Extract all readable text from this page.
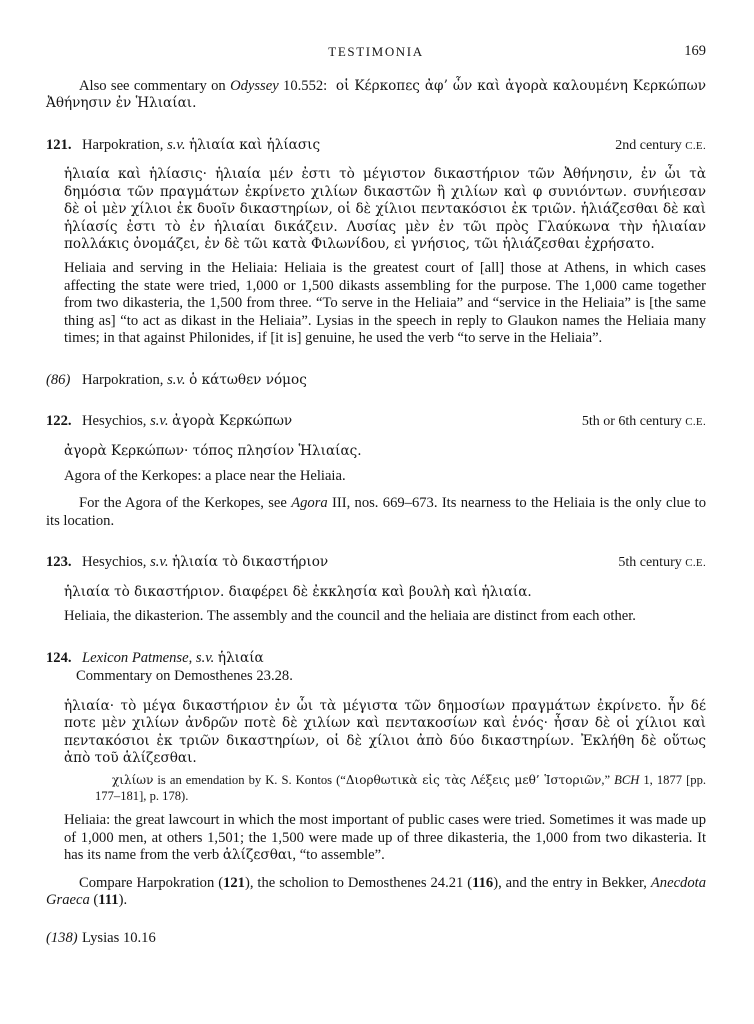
TESTIMONIA	169

Also see commentary on Odyssey 10.552:  οἱ Κέρκοπες ἀφ’ ὧν καὶ ἀγορὰ καλουμένη Κερκώπων Ἀθήνησιν ἐν Ἡλιαίαι.

121. Harpokration, s.v. ἡλιαία καὶ ἡλίασις	2nd century C.E.

ἡλιαία καὶ ἡλίασις· ἡλιαία μέν ἐστι τὸ μέγιστον δικαστήριον τῶν Ἀθήνησιν, ἐν ὧι τὰ δημόσια τῶν πραγμάτων ἐκρίνετο χιλίων δικαστῶν ἢ χιλίων καὶ φ συνιόντων. συνήιεσαν δὲ οἱ μὲν χίλιοι ἐκ δυοῖν δικαστηρίων, οἱ δὲ χίλιοι πεντακόσιοι ἐκ τριῶν. ἡλιάζεσθαι δὲ καὶ ἡλίασίς ἐστι τὸ ἐν ἡλιαίαι δικάζειν. Λυσίας μὲν ἐν τῶι πρὸς Γλαύκωνα τὴν ἡλιαίαν πολλάκις ὀνομάζει, ἐν δὲ τῶι κατὰ Φιλωνίδου, εἰ γνήσιος, τῶι ἡλιάζεσθαι ἐχρήσατο.

Heliaia and serving in the Heliaia: Heliaia is the greatest court of [all] those at Athens, in which cases affecting the state were tried, 1,000 or 1,500 dikasts assembling for the purpose. The 1,000 came together from two dikasteria, the 1,500 from three. “To serve in the Heliaia” and “service in the Heliaia” is [the same thing as] “to act as dikast in the Heliaia”. Lysias in the speech in reply to Glaukon names the Heliaia many times; in that against Philonides, if [it is] genuine, he used the verb “to serve in the Heliaia”.

(86) Harpokration, s.v. ὁ κάτωθεν νόμος
122. Hesychios, s.v. ἀγορὰ Κερκώπων	5th or 6th century C.E.

ἀγορὰ Κερκώπων· τόπος πλησίον Ἡλιαίας.

Agora of the Kerkopes: a place near the Heliaia.

For the Agora of the Kerkopes, see Agora III, nos. 669–673. Its nearness to the Heliaia is the only clue to its location.

123. Hesychios, s.v. ἡλιαία τὸ δικαστήριον	5th century C.E.

ἡλιαία τὸ δικαστήριον. διαφέρει δὲ ἐκκλησία καὶ βουλὴ καὶ ἡλιαία.

Heliaia, the dikasterion. The assembly and the council and the heliaia are distinct from each other.

124. Lexicon Patmense, s.v. ἡλιαία

Commentary on Demosthenes 23.28.

ἡλιαία· τὸ μέγα δικαστήριον ἐν ὧι τὰ μέγιστα τῶν δημοσίων πραγμάτων ἐκρίνετο. ἦν δέ ποτε μὲν χιλίων ἀνδρῶν ποτὲ δὲ χιλίων καὶ πεντακοσίων καὶ ἑνός· ἦσαν δὲ οἱ χίλιοι καὶ πεντακόσιοι ἐκ τριῶν δικαστηρίων, οἱ δὲ χίλιοι ἀπὸ δύο δικαστηρίων. Ἐκλήθη δὲ οὕτως ἀπὸ τοῦ ἁλίζεσθαι.

χιλίων is an emendation by K. S. Kontos (“Διορθωτικὰ εἰς τὰς Λέξεις μεθ’ Ἱστοριῶν,” BCH 1, 1877 [pp. 177–181], p. 178).

Heliaia: the great lawcourt in which the most important of public cases were tried. Sometimes it was made up of 1,000 men, at others 1,501; the 1,500 were made up of three dikasteria, the 1,000 from two dikasteria. It has its name from the verb ἁλίζεσθαι, “to assemble”.

Compare Harpokration (121), the scholion to Demosthenes 24.21 (116), and the entry in Bekker, Anecdota Graeca (111).

(138) Lysias 10.16
